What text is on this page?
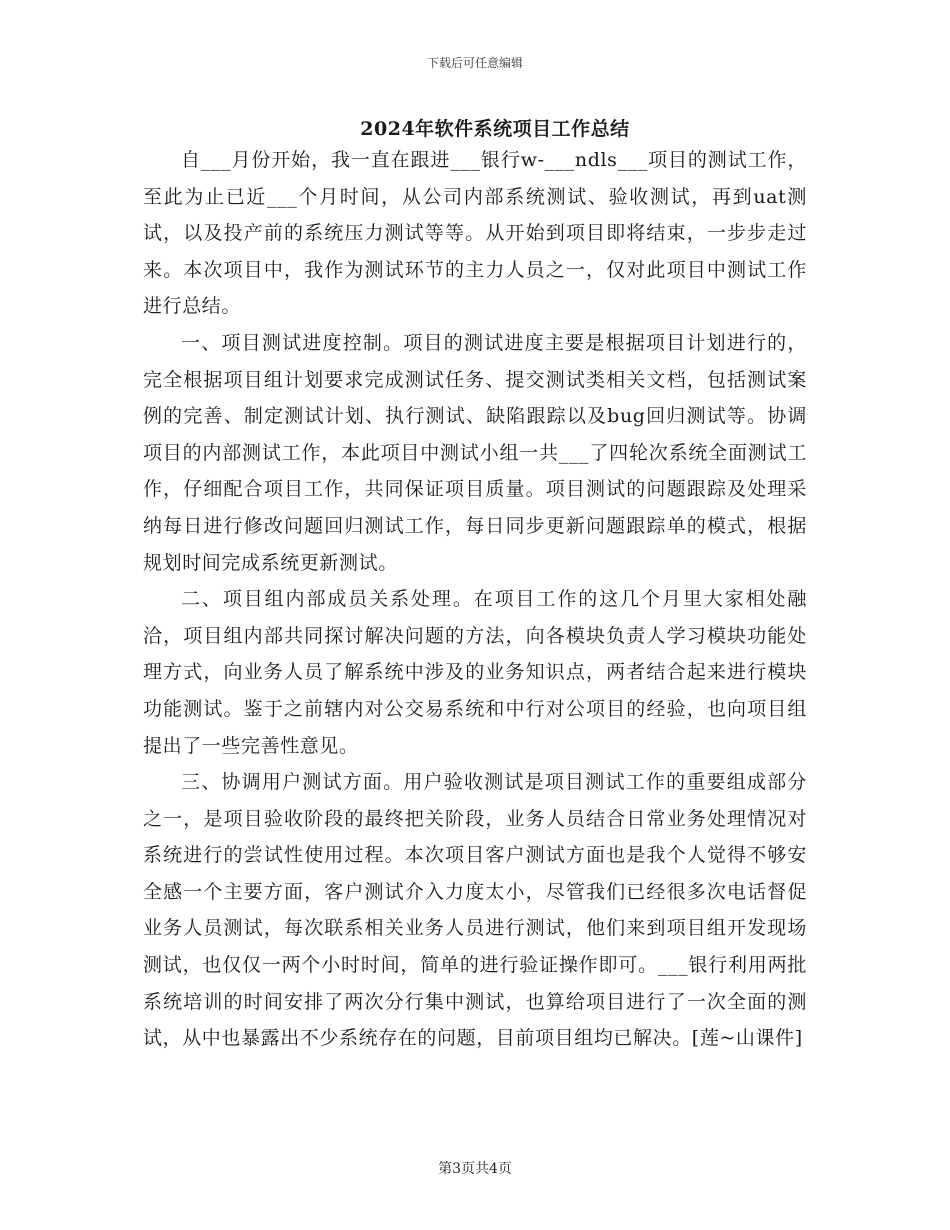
下载后可任意编辑
2024年软件系统项目工作总结

自___月份开始，我一直在跟进___银行w-___ndls___项目的测试工作，至此为止已近___个月时间，从公司内部系统测试、验收测试，再到uat测试，以及投产前的系统压力测试等等。从开始到项目即将结束，一步步走过来。本次项目中，我作为测试环节的主力人员之一，仅对此项目中测试工作进行总结。

一、项目测试进度控制。项目的测试进度主要是根据项目计划进行的，完全根据项目组计划要求完成测试任务、提交测试类相关文档，包括测试案例的完善、制定测试计划、执行测试、缺陷跟踪以及bug回归测试等。协调项目的内部测试工作，本此项目中测试小组一共___了四轮次系统全面测试工作，仔细配合项目工作，共同保证项目质量。项目测试的问题跟踪及处理采纳每日进行修改问题回归测试工作，每日同步更新问题跟踪单的模式，根据规划时间完成系统更新测试。

二、项目组内部成员关系处理。在项目工作的这几个月里大家相处融洽，项目组内部共同探讨解决问题的方法，向各模块负责人学习模块功能处理方式，向业务人员了解系统中涉及的业务知识点，两者结合起来进行模块功能测试。鉴于之前辖内对公交易系统和中行对公项目的经验，也向项目组提出了一些完善性意见。

三、协调用户测试方面。用户验收测试是项目测试工作的重要组成部分之一，是项目验收阶段的最终把关阶段，业务人员结合日常业务处理情况对系统进行的尝试性使用过程。本次项目客户测试方面也是我个人觉得不够安全感一个主要方面，客户测试介入力度太小，尽管我们已经很多次电话督促业务人员测试，每次联系相关业务人员进行测试，他们来到项目组开发现场测试，也仅仅一两个小时时间，简单的进行验证操作即可。___银行利用两批系统培训的时间安排了两次分行集中测试，也算给项目进行了一次全面的测试，从中也暴露出不少系统存在的问题，目前项目组均已解决。[莲~山课件]

第3页共4页
